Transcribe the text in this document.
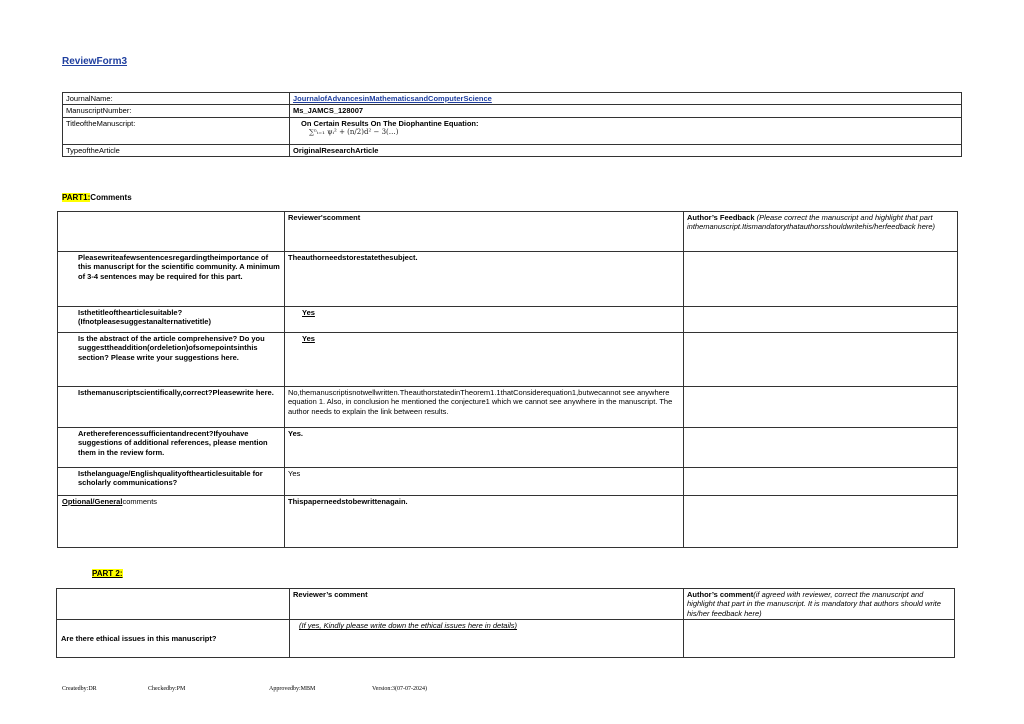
ReviewForm3
JournalName:	JournalofAdvancesinMathematicsandComputerScience
ManuscriptNumber:	Ms_JAMCS_128007
TitleoftheManuscript:	On Certain Results On The Diophantine Equation:
∑ⁿᵢ₌₁ ψᵢ² + (n/2)d² − 3(…)

TypeoftheArticle	OriginalResearchArticle
PART1:Comments
	Reviewer'scomment	Author’s Feedback (Please correct the manuscript and highlight that part inthemanuscript.Itismandatorythatauthorsshouldwritehis/herfeedback here)
Pleasewriteafewsentencesregardingtheimportance of this manuscript for the scientific community. A minimum of 3-4 sentences may be required for this part.	Theauthorneedstorestatethesubject.	
Isthetitleofthearticlesuitable? (Ifnotpleasesuggestanalternativetitle)	Yes	
Is the abstract of the article comprehensive? Do you suggesttheaddition(ordeletion)ofsomepointsinthis section? Please write your suggestions here.	Yes	
Isthemanuscriptscientifically,correct?Pleasewrite here.	No,themanuscriptisnotwellwritten.TheauthorstatedinTheorem1.1thatConsiderequation1,butwecannot see anywhere equation 1. Also, in conclusion he mentioned the conjecture1 which we cannot see anywhere in the manuscript. The author needs to explain the link between results.	
Arethereferencessufficientandrecent?Ifyouhave suggestions of additional references, please mention them in the review form.	Yes.	
Isthelanguage/Englishqualityofthearticlesuitable for scholarly communications?	Yes	
Optional/Generalcomments	Thispaperneedstobewrittenagain.	
PART 2:
	Reviewer’s comment	Author’s comment(if agreed with reviewer, correct the manuscript and highlight that part in the manuscript. It is mandatory that authors should write his/her feedback here)
Are there ethical issues in this manuscript?	(If yes, Kindly please write down the ethical issues here in details)	
Createdby:DR	Checkedby:PM	Approvedby:MBM	Version:3(07-07-2024)
